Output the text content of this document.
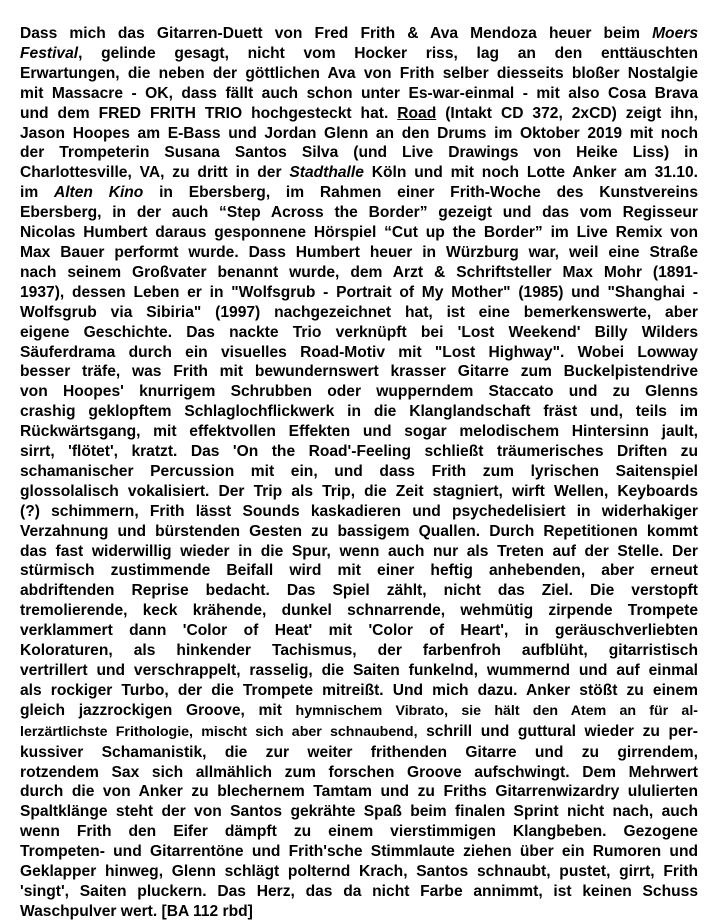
Dass mich das Gitarren-Duett von Fred Frith & Ava Mendoza heuer beim Moers
Festival, gelinde gesagt, nicht vom Hocker riss, lag an den enttäuschten
Erwartungen, die neben der göttlichen Ava von Frith selber diesseits bloßer Nostalgie
mit Massacre - OK, dass fällt auch schon unter Es-war-einmal - mit also Cosa Brava
und dem FRED FRITH TRIO hochgesteckt hat. Road (Intakt CD 372, 2xCD) zeigt ihn,
Jason Hoopes am E-Bass und Jordan Glenn an den Drums im Oktober 2019 mit noch
der Trompeterin Susana Santos Silva (und Live Drawings von Heike Liss) in
Charlottesville, VA, zu dritt in der Stadthalle Köln und mit noch Lotte Anker am 31.10.
im Alten Kino in Ebersberg, im Rahmen einer Frith-Woche des Kunstvereins
Ebersberg, in der auch “Step Across the Border” gezeigt und das vom Regisseur
Nicolas Humbert daraus gesponnene Hörspiel “Cut up the Border” im Live Remix von
Max Bauer performt wurde. Dass Humbert heuer in Würzburg war, weil eine Straße
nach seinem Großvater benannt wurde, dem Arzt & Schriftsteller Max Mohr (1891-
1937), dessen Leben er in "Wolfsgrub - Portrait of My Mother" (1985) und "Shanghai -
Wolfsgrub via Sibiria" (1997) nachgezeichnet hat, ist eine bemerkenswerte, aber
eigene Geschichte. Das nackte Trio verknüpft bei 'Lost Weekend' Billy Wilders
Säuferdrama durch ein visuelles Road-Motiv mit "Lost Highway". Wobei Lowway
besser träfe, was Frith mit bewundernswert krasser Gitarre zum Buckelpistendrive
von Hoopes' knurrigem Schrubben oder wupperndem Staccato und zu Glenns
crashig geklopftem Schlaglochflickwerk in die Klanglandschaft fräst und, teils im
Rückwärtsgang, mit effektvollen Effekten und sogar melodischem Hintersinn jault,
sirrt, 'flötet', kratzt. Das 'On the Road'-Feeling schließt träumerisches Driften zu
schamanischer Percussion mit ein, und dass Frith zum lyrischen Saitenspiel
glossolalisch vokalisiert. Der Trip als Trip, die Zeit stagniert, wirft Wellen, Keyboards
(?) schimmern, Frith lässt Sounds kaskadieren und psychedelisiert in widerhakiger
Verzahnung und bürstenden Gesten zu bassigem Quallen. Durch Repetitionen kommt
das fast widerwillig wieder in die Spur, wenn auch nur als Treten auf der Stelle. Der
stürmisch zustimmende Beifall wird mit einer heftig anhebenden, aber erneut
abdriftenden Reprise bedacht. Das Spiel zählt, nicht das Ziel. Die verstopft
tremolierende, keck krähende, dunkel schnarrende, wehmütig zirpende Trompete
verklammert dann 'Color of Heat' mit 'Color of Heart', in geräuschverliebten
Koloraturen, als hinkender Tachismus, der farbenfroh aufblüht, gitarristisch
vertrillert und verschrappelt, rasselig, die Saiten funkelnd, wummernd und auf einmal
als rockiger Turbo, der die Trompete mitreißt. Und mich dazu. Anker stößt zu einem
gleich jazzrockigen Groove, mit hymnischem Vibrato, sie hält den Atem an für al-
lerzärtlichste Frithologie, mischt sich aber schnaubend, schrill und guttural wieder zu per-
kussiver Schamanistik, die zur weiter frithenden Gitarre und zu girrendem,
rotzendem Sax sich allmählich zum forschen Groove aufschwingt. Dem Mehrwert
durch die von Anker zu blechernem Tamtam und zu Friths Gitarrenwizardry ululierten
Spaltklänge steht der von Santos gekrähte Spaß beim finalen Sprint nicht nach, auch
wenn Frith den Eifer dämpft zu einem vierstimmigen Klangbeben. Gezogene
Trompeten- und Gitarrentöne und Frith'sche Stimmlaute ziehen über ein Rumoren und
Geklapper hinweg, Glenn schlägt polternd Krach, Santos schnaubt, pustet, girrt, Frith
'singt', Saiten pluckern. Das Herz, das da nicht Farbe annimmt, ist keinen Schuss
Waschpulver wert. [BA 112 rbd]
